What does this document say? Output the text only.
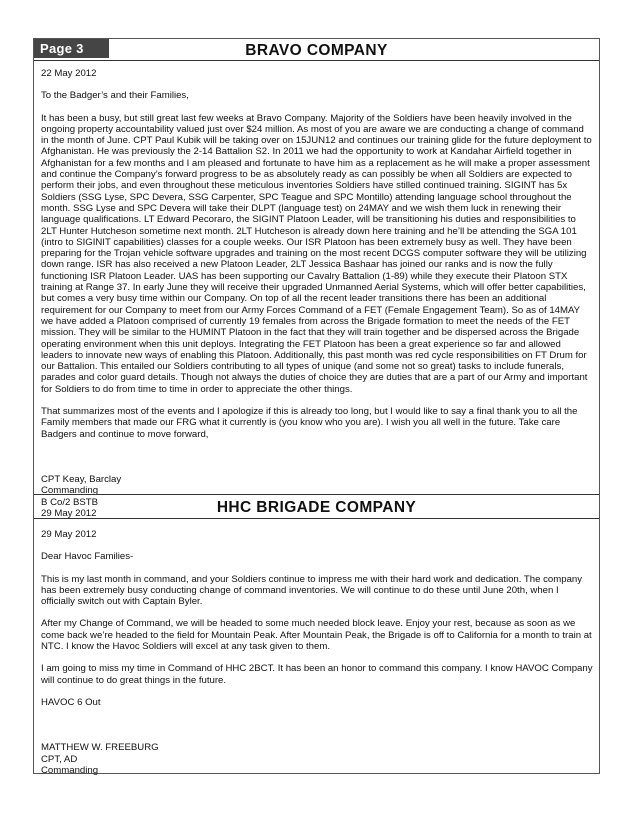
Page 3	BRAVO COMPANY

22 May 2012

To the Badger’s and their Families,

It has been a busy, but still great last few weeks at Bravo Company. Majority of the Soldiers have been heavily involved in the ongoing property accountability valued just over $24 million. As most of you are aware we are conducting a change of command in the month of June. CPT Paul Kubik will be taking over on 15JUN12 and continues our training glide for the future deployment to Afghanistan. He was previously the 2-14 Battalion S2. In 2011 we had the opportunity to work at Kandahar Airfield together in Afghanistan for a few months and I am pleased and fortunate to have him as a replacement as he will make a proper assessment and continue the Company’s forward progress to be as absolutely ready as can possibly be when all Soldiers are expected to perform their jobs, and even throughout these meticulous inventories Soldiers have stilled continued training. SIGINT has 5x Soldiers (SSG Lyse, SPC Devera, SSG Carpenter, SPC Teague and SPC Montillo) attending language school throughout the month. SSG Lyse and SPC Devera will take their DLPT (language test) on 24MAY and we wish them luck in renewing their language qualifications. LT Edward Pecoraro, the SIGINT Platoon Leader, will be transitioning his duties and responsibilities to 2LT Hunter Hutcheson sometime next month. 2LT Hutcheson is already down here training and he’ll be attending the SGA 101 (intro to SIGINIT capabilities) classes for a couple weeks. Our ISR Platoon has been extremely busy as well. They have been preparing for the Trojan vehicle software upgrades and training on the most recent DCGS computer software they will be utilizing down range. ISR has also received a new Platoon Leader, 2LT Jessica Bashaar has joined our ranks and is now the fully functioning ISR Platoon Leader. UAS has been supporting our Cavalry Battalion (1-89) while they execute their Platoon STX training at Range 37. In early June they will receive their upgraded Unmanned Aerial Systems, which will offer better capabilities, but comes a very busy time within our Company. On top of all the recent leader transitions there has been an additional requirement for our Company to meet from our Army Forces Command of a FET (Female Engagement Team). So as of 14MAY we have added a Platoon comprised of currently 19 females from across the Brigade formation to meet the needs of the FET mission. They will be similar to the HUMINT Platoon in the fact that they will train together and be dispersed across the Brigade operating environment when this unit deploys. Integrating the FET Platoon has been a great experience so far and allowed leaders to innovate new ways of enabling this Platoon. Additionally, this past month was red cycle responsibilities on FT Drum for our Battalion. This entailed our Soldiers contributing to all types of unique (and some not so great) tasks to include funerals, parades and color guard details. Though not always the duties of choice they are duties that are a part of our Army and important for Soldiers to do from time to time in order to appreciate the other things.

That summarizes most of the events and I apologize if this is already too long, but I would like to say a final thank you to all the Family members that made our FRG what it currently is (you know who you are). I wish you all well in the future. Take care Badgers and continue to move forward,

CPT Keay, Barclay

Commanding

B Co/2 BSTB

29 May 2012	HHC BRIGADE COMPANY

29 May 2012

Dear Havoc Families-

This is my last month in command, and your Soldiers continue to impress me with their hard work and dedication. The company has been extremely busy conducting change of command inventories. We will continue to do these until June 20th, when I officially switch out with Captain Byler.

After my Change of Command, we will be headed to some much needed block leave. Enjoy your rest, because as soon as we come back we’re headed to the field for Mountain Peak. After Mountain Peak, the Brigade is off to California for a month to train at NTC. I know the Havoc Soldiers will excel at any task given to them.

I am going to miss my time in Command of HHC 2BCT. It has been an honor to command this company. I know HAVOC Company will continue to do great things in the future.

HAVOC 6 Out

MATTHEW W. FREEBURG

CPT, AD

Commanding
